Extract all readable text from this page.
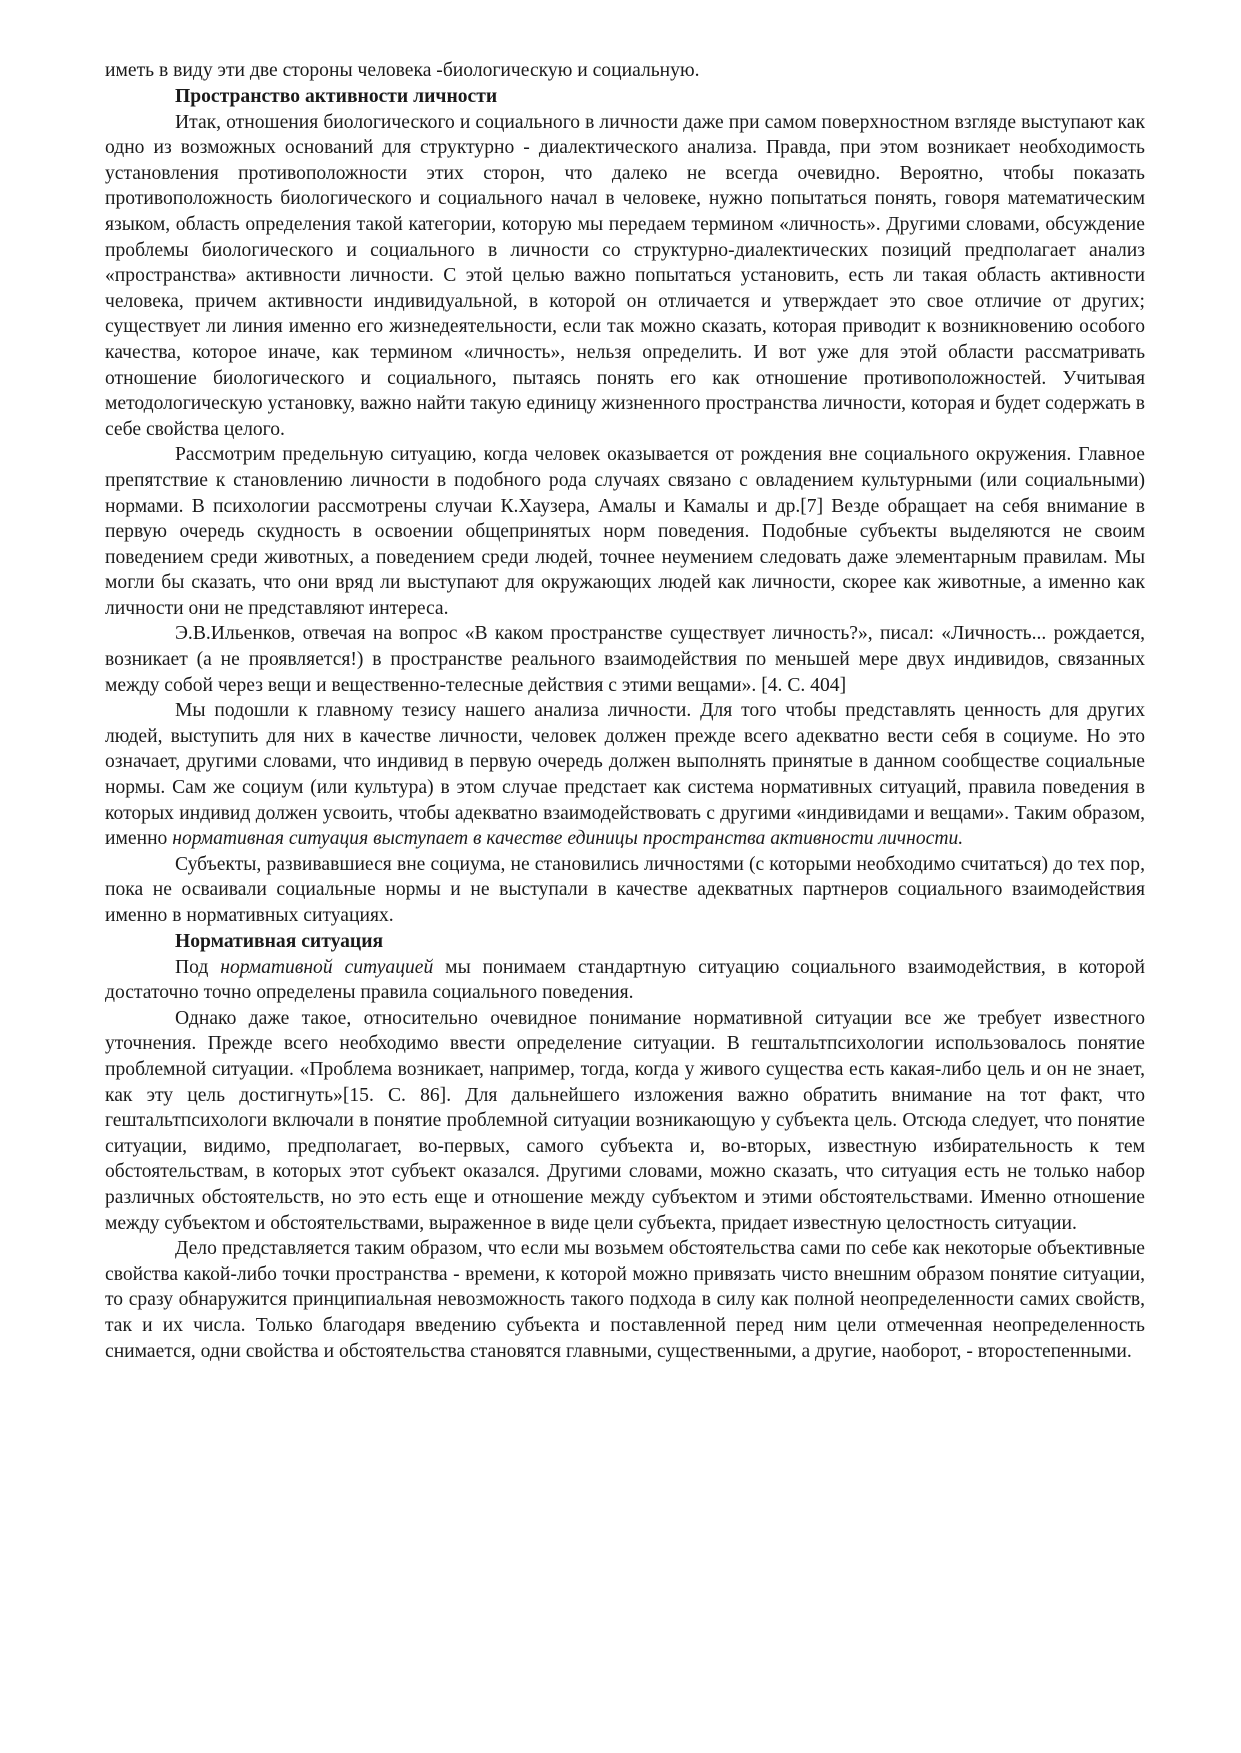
иметь в виду эти две стороны человека -биологическую и социальную.

Пространство активности личности

Итак, отношения биологического и социального в личности даже при самом поверхностном взгляде выступают как одно из возможных оснований для структурно - диалектического анализа. Правда, при этом возникает необходимость установления противоположности этих сторон, что далеко не всегда очевидно. Вероятно, чтобы показать противоположность биологического и социального начал в человеке, нужно попытаться понять, говоря математическим языком, область определения такой категории, которую мы передаем термином «личность». Другими словами, обсуждение проблемы биологического и социального в личности со структурно-диалектических позиций предполагает анализ «пространства» активности личности. С этой целью важно попытаться установить, есть ли такая область активности человека, причем активности индивидуальной, в которой он отличается и утверждает это свое отличие от других; существует ли линия именно его жизнедеятельности, если так можно сказать, которая приводит к возникновению особого качества, которое иначе, как термином «личность», нельзя определить. И вот уже для этой области рассматривать отношение биологического и социального, пытаясь понять его как отношение противоположностей. Учитывая методологическую установку, важно найти такую единицу жизненного пространства личности, которая и будет содержать в себе свойства целого.

Рассмотрим предельную ситуацию, когда человек оказывается от рождения вне социального окружения. Главное препятствие к становлению личности в подобного рода случаях связано с овладением культурными (или социальными) нормами. В психологии рассмотрены случаи К.Хаузера, Амалы и Камалы и др.[7] Везде обращает на себя внимание в первую очередь скудность в освоении общепринятых норм поведения. Подобные субъекты выделяются не своим поведением среди животных, а поведением среди людей, точнее неумением следовать даже элементарным правилам. Мы могли бы сказать, что они вряд ли выступают для окружающих людей как личности, скорее как животные, а именно как личности они не представляют интереса.

Э.В.Ильенков, отвечая на вопрос «В каком пространстве существует личность?», писал: «Личность... рождается, возникает (а не проявляется!) в пространстве реального взаимодействия по меньшей мере двух индивидов, связанных между собой через вещи и вещественно-телесные действия с этими вещами». [4. С. 404]

Мы подошли к главному тезису нашего анализа личности. Для того чтобы представлять ценность для других людей, выступить для них в качестве личности, человек должен прежде всего адекватно вести себя в социуме. Но это означает, другими словами, что индивид в первую очередь должен выполнять принятые в данном сообществе социальные нормы. Сам же социум (или культура) в этом случае предстает как система нормативных ситуаций, правила поведения в которых индивид должен усвоить, чтобы адекватно взаимодействовать с другими «индивидами и вещами». Таким образом, именно нормативная ситуация выступает в качестве единицы пространства активности личности.

Субъекты, развивавшиеся вне социума, не становились личностями (с которыми необходимо считаться) до тех пор, пока не осваивали социальные нормы и не выступали в качестве адекватных партнеров социального взаимодействия именно в нормативных ситуациях.

Нормативная ситуация

Под нормативной ситуацией мы понимаем стандартную ситуацию социального взаимодействия, в которой достаточно точно определены правила социального поведения.

Однако даже такое, относительно очевидное понимание нормативной ситуации все же требует известного уточнения. Прежде всего необходимо ввести определение ситуации. В гештальтпсихологии использовалось понятие проблемной ситуации. «Проблема возникает, например, тогда, когда у живого существа есть какая-либо цель и он не знает, как эту цель достигнуть»[15. С. 86]. Для дальнейшего изложения важно обратить внимание на тот факт, что гештальтпсихологи включали в понятие проблемной ситуации возникающую у субъекта цель. Отсюда следует, что понятие ситуации, видимо, предполагает, во-первых, самого субъекта и, во-вторых, известную избирательность к тем обстоятельствам, в которых этот субъект оказался. Другими словами, можно сказать, что ситуация есть не только набор различных обстоятельств, но это есть еще и отношение между субъектом и этими обстоятельствами. Именно отношение между субъектом и обстоятельствами, выраженное в виде цели субъекта, придает известную целостность ситуации.

Дело представляется таким образом, что если мы возьмем обстоятельства сами по себе как некоторые объективные свойства какой-либо точки пространства - времени, к которой можно привязать чисто внешним образом понятие ситуации, то сразу обнаружится принципиальная невозможность такого подхода в силу как полной неопределенности самих свойств, так и их числа. Только благодаря введению субъекта и поставленной перед ним цели отмеченная неопределенность снимается, одни свойства и обстоятельства становятся главными, существенными, а другие, наоборот, - второстепенными.
